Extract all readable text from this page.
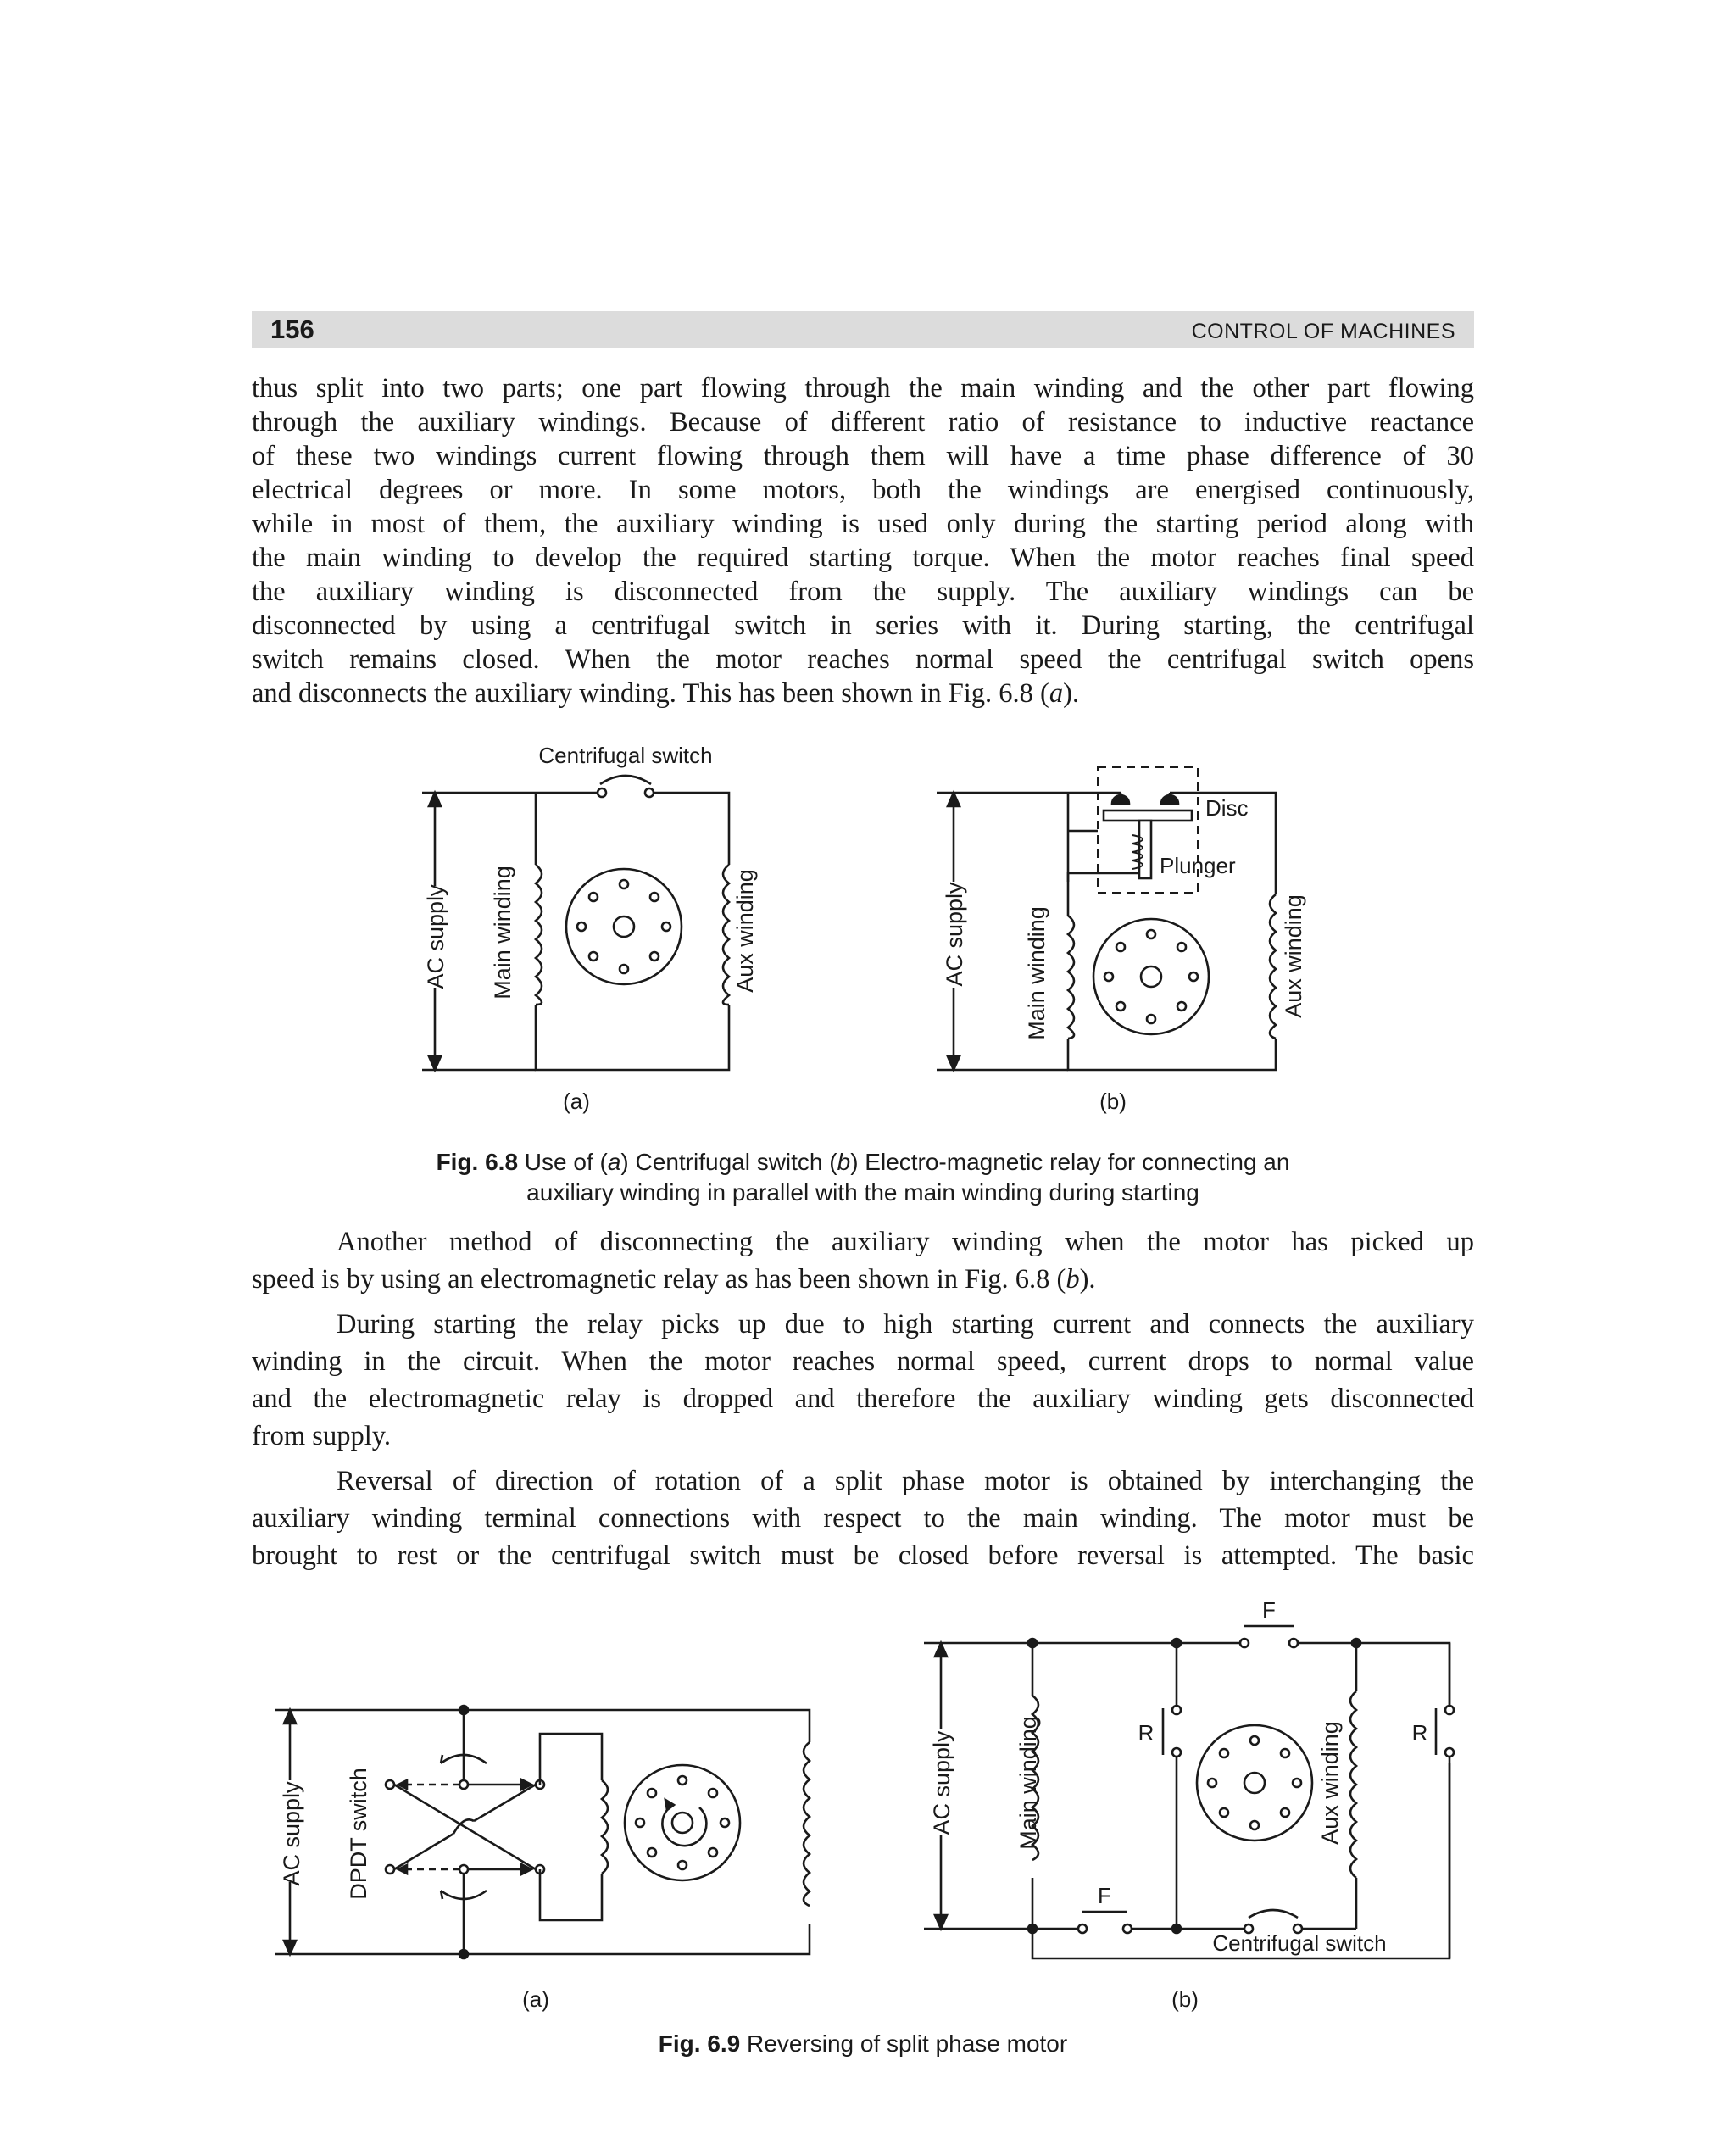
156	CONTROL OF MACHINES
thus split into two parts; one part flowing through the main winding and the other part flowing
through the auxiliary windings. Because of different ratio of resistance to inductive reactance
of these two windings current flowing through them will have a time phase difference of 30
electrical degrees or more. In some motors, both the windings are energised continuously,
while in most of them, the auxiliary winding is used only during the starting period along with
the main winding to develop the required starting torque. When the motor reaches final speed
the auxiliary winding is disconnected from the supply. The auxiliary windings can be
disconnected by using a centrifugal switch in series with it. During starting, the centrifugal
switch remains closed. When the motor reaches normal speed the centrifugal switch opens
and disconnects the auxiliary winding. This has been shown in Fig. 6.8 (a).
Centrifugal switch
AC supply Main winding	Aux winding
(a)
Disc
Plunger
AC supply Main winding	Aux winding
(b)
Fig. 6.8 Use of (a) Centrifugal switch (b) Electro-magnetic relay for connecting an
auxiliary winding in parallel with the main winding during starting
Another method of disconnecting the auxiliary winding when the motor has picked up
speed is by using an electromagnetic relay as has been shown in Fig. 6.8 (b).
During starting the relay picks up due to high starting current and connects the auxiliary
winding in the circuit. When the motor reaches normal speed, current drops to normal value
and the electromagnetic relay is dropped and therefore the auxiliary winding gets disconnected
from supply.
Reversal of direction of rotation of a split phase motor is obtained by interchanging the
auxiliary winding terminal connections with respect to the main winding. The motor must be
brought to rest or the centrifugal switch must be closed before reversal is attempted. The basic
AC supply DPDT switch
(a)
AC supply	Main winding	Aux winding
F
F
R	R
Centrifugal switch
(b)
Fig. 6.9 Reversing of split phase motor
